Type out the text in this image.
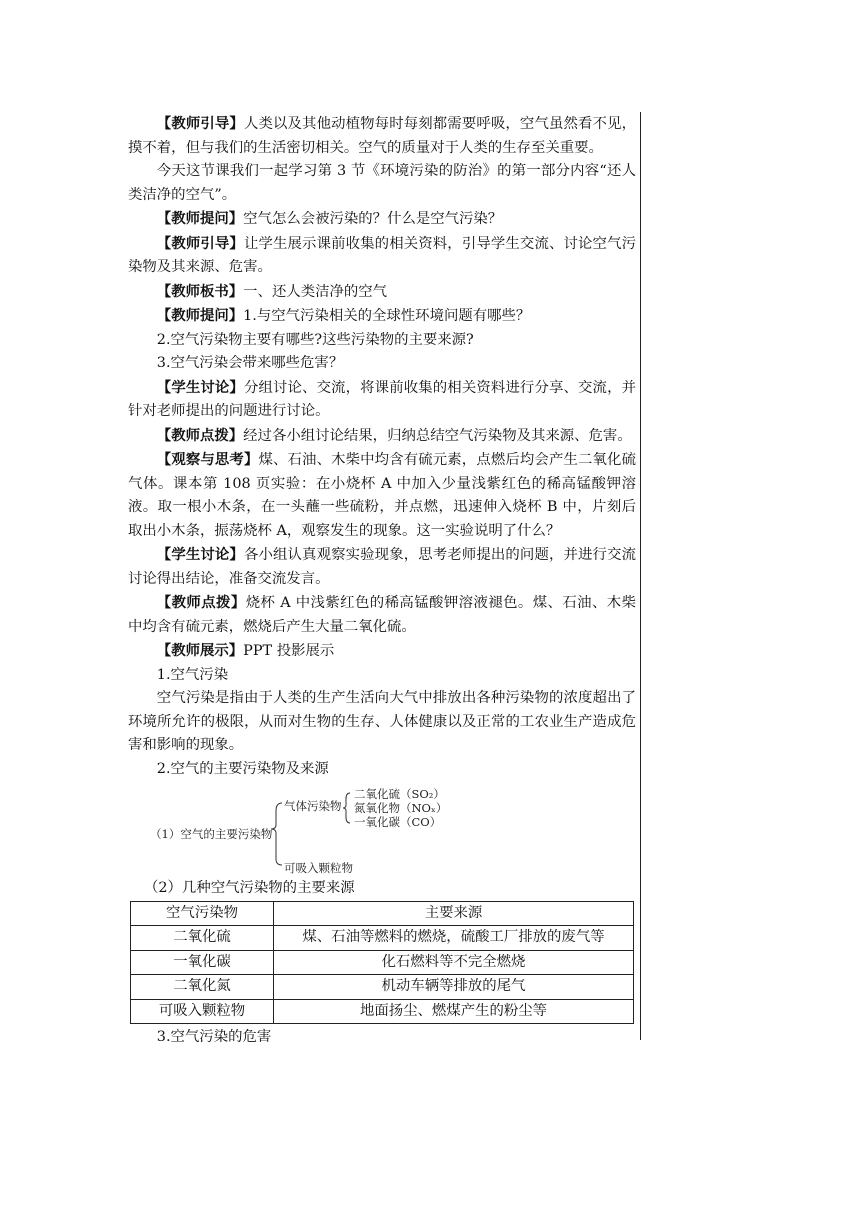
【教师引导】人类以及其他动植物每时每刻都需要呼吸，空气虽然看不见，摸不着，但与我们的生活密切相关。空气的质量对于人类的生存至关重要。

今天这节课我们一起学习第 3 节《环境污染的防治》的第一部分内容“还人类洁净的空气”。

【教师提问】空气怎么会被污染的？什么是空气污染？

【教师引导】让学生展示课前收集的相关资料，引导学生交流、讨论空气污染物及其来源、危害。

【教师板书】一、还人类洁净的空气

【教师提问】1.与空气污染相关的全球性环境问题有哪些？

2.空气污染物主要有哪些?这些污染物的主要来源?

3.空气污染会带来哪些危害？

【学生讨论】分组讨论、交流，将课前收集的相关资料进行分享、交流，并针对老师提出的问题进行讨论。

【教师点拨】经过各小组讨论结果，归纳总结空气污染物及其来源、危害。

【观察与思考】煤、石油、木柴中均含有硫元素，点燃后均会产生二氧化硫气体。课本第 108 页实验：在小烧杯 A 中加入少量浅紫红色的稀高锰酸钾溶液。取一根小木条，在一头蘸一些硫粉，并点燃，迅速伸入烧杯 B 中，片刻后取出小木条，振荡烧杯 A，观察发生的现象。这一实验说明了什么？

【学生讨论】各小组认真观察实验现象，思考老师提出的问题，并进行交流讨论得出结论，准备交流发言。

【教师点拨】烧杯 A 中浅紫红色的稀高锰酸钾溶液褪色。煤、石油、木柴中均含有硫元素，燃烧后产生大量二氧化硫。

【教师展示】PPT 投影展示

1.空气污染

空气污染是指由于人类的生产生活向大气中排放出各种污染物的浓度超出了环境所允许的极限，从而对生物的生存、人体健康以及正常的工农业生产造成危害和影响的现象。

2.空气的主要污染物及来源

（1）空气的主要污染物
气体污染物
二氧化硫（SO₂）
氮氧化物（NOₓ）
一氧化碳（CO）
可吸入颗粒物

（2）几种空气污染物的主要来源

空气污染物	主要来源
二氧化硫	煤、石油等燃料的燃烧，硫酸工厂排放的废气等
一氧化碳	化石燃料等不完全燃烧
二氧化氮	机动车辆等排放的尾气
可吸入颗粒物	地面扬尘、燃煤产生的粉尘等

3.空气污染的危害
